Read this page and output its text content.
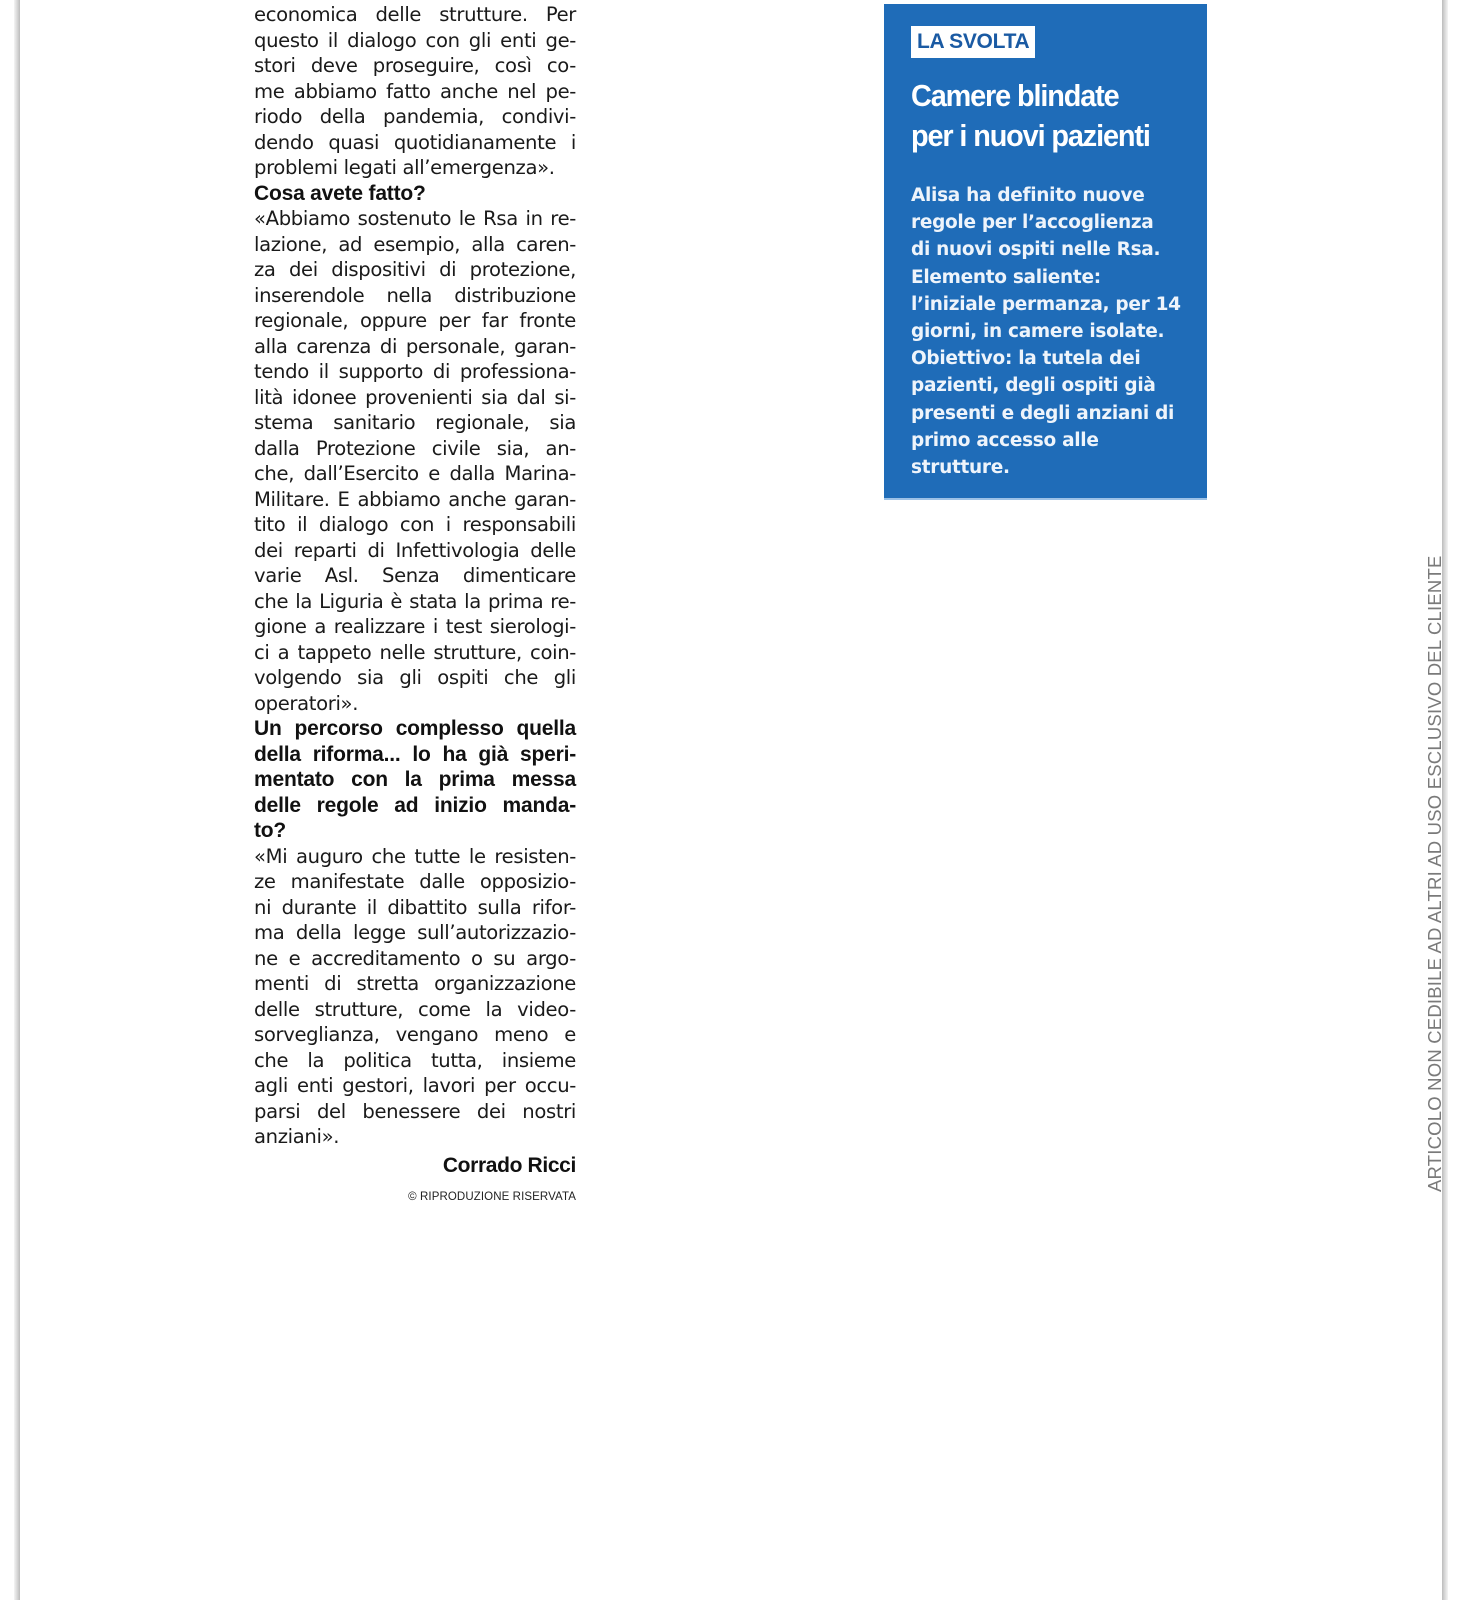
economica delle strutture. Per
questo il dialogo con gli enti ge-
stori deve proseguire, così co-
me abbiamo fatto anche nel pe-
riodo della pandemia, condivi-
dendo quasi quotidianamente i
problemi legati all’emergenza».
Cosa avete fatto?
«Abbiamo sostenuto le Rsa in re-
lazione, ad esempio, alla caren-
za dei dispositivi di protezione,
inserendole nella distribuzione
regionale, oppure per far fronte
alla carenza di personale, garan-
tendo il supporto di professiona-
lità idonee provenienti sia dal si-
stema sanitario regionale, sia
dalla Protezione civile sia, an-
che, dall’Esercito e dalla Marina-
Militare. E abbiamo anche garan-
tito il dialogo con i responsabili
dei reparti di Infettivologia delle
varie Asl. Senza dimenticare
che la Liguria è stata la prima re-
gione a realizzare i test sierologi-
ci a tappeto nelle strutture, coin-
volgendo sia gli ospiti che gli
operatori».
Un percorso complesso quella
della riforma... lo ha già speri-
mentato con la prima messa
delle regole ad inizio manda-
to?
«Mi auguro che tutte le resisten-
ze manifestate dalle opposizio-
ni durante il dibattito sulla rifor-
ma della legge sull’autorizzazio-
ne e accreditamento o su argo-
menti di stretta organizzazione
delle strutture, come la video-
sorveglianza, vengano meno e
che la politica tutta, insieme
agli enti gestori, lavori per occu-
parsi del benessere dei nostri
anziani».
Corrado Ricci
© RIPRODUZIONE RISERVATA
LA SVOLTA
Camere blindate
per i nuovi pazienti
Alisa ha definito nuove
regole per l’accoglienza
di nuovi ospiti nelle Rsa.
Elemento saliente:
l’iniziale permanza, per 14
giorni, in camere isolate.
Obiettivo: la tutela dei
pazienti, degli ospiti già
presenti e degli anziani di
primo accesso alle
strutture.
ARTICOLO NON CEDIBILE AD ALTRI AD USO ESCLUSIVO DEL CLIENTE
